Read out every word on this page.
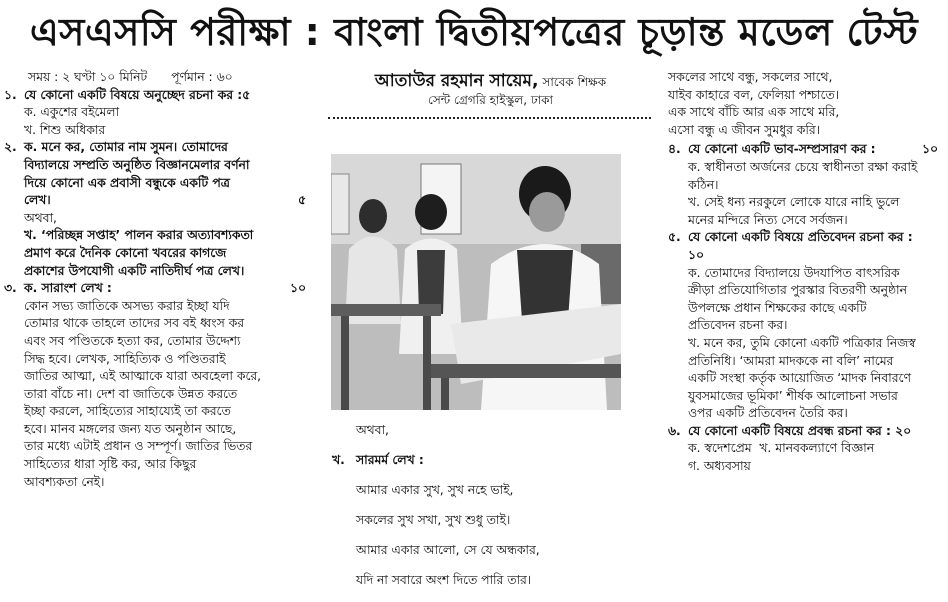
এসএসসি পরীক্ষা : বাংলা দ্বিতীয়পত্রের চূড়ান্ত মডেল টেস্ট

সময় : ২ ঘণ্টা ১০ মিনিট পূর্ণমান : ৬০

১. যে কোনো একটি বিষয়ে অনুচ্ছেদ রচনা কর :৫

ক. একুশের বইমেলা

খ. শিশু অধিকার

২. ক. মনে কর, তোমার নাম সুমন। তোমাদের

বিদ্যালয়ে সম্প্রতি অনুষ্ঠিত বিজ্ঞানমেলার বর্ণনা

দিয়ে কোনো এক প্রবাসী বন্ধুকে একটি পত্র

লেখ।	৫

অথবা,

খ. ‘পরিচ্ছন্ন সপ্তাহ’ পালন করার অত্যাবশ্যকতা

প্রমাণ করে দৈনিক কোনো খবরের কাগজে

প্রকাশের উপযোগী একটি নাতিদীর্ঘ পত্র লেখ।

৩. ক. সারাংশ লেখ :	১০

কোন সভ্য জাতিকে অসভ্য করার ইচ্ছা যদি

তোমার থাকে তাহলে তাদের সব বই ধ্বংস কর

এবং সব পণ্ডিতকে হত্যা কর, তোমার উদ্দেশ্য

সিদ্ধ হবে। লেখক, সাহিত্যিক ও পণ্ডিতরাই

জাতির আত্মা, এই আত্মাকে যারা অবহেলা করে,

তারা বাঁচে না। দেশ বা জাতিকে উন্নত করতে

ইচ্ছা করলে, সাহিত্যের সাহায্যেই তা করতে

হবে। মানব মঙ্গলের জন্য যত অনুষ্ঠান আছে,

তার মধ্যে এটাই প্রধান ও সম্পূর্ণ। জাতির ভিতর

সাহিত্যের ধারা সৃষ্টি কর, আর কিছুর

আবশ্যকতা নেই।

আতাউর রহমান সায়েম, সাবেক শিক্ষক
সেন্ট গ্রেগরি হাইস্কুল, ঢাকা

অথবা,

খ. সারমর্ম লেখ :

আমার একার সুখ, সুখ নহে ভাই,

সকলের সুখ সখা, সুখ শুধু তাই।

আমার একার আলো, সে যে অন্ধকার,

যদি না সবারে অংশ দিতে পারি তার।

সকলের সাথে বন্ধু, সকলের সাথে,

যাইব কাহারে বল, ফেলিয়া পশ্চাতে।

এক সাথে বাঁচি আর এক সাথে মরি,

এসো বন্ধু এ জীবন সুমধুর করি।

৪. যে কোনো একটি ভাব-সম্প্রসারণ কর :	১০

ক. স্বাধীনতা অর্জনের চেয়ে স্বাধীনতা রক্ষা করাই

কঠিন।

খ. সেই ধন্য নরকুলে লোকে যারে নাহি ভুলে

মনের মন্দিরে নিত্য সেবে সর্বজন।

৫. যে কোনো একটি বিষয়ে প্রতিবেদন রচনা কর :

১০

ক. তোমাদের বিদ্যালয়ে উদযাপিত বাৎসরিক

ক্রীড়া প্রতিযোগিতার পুরস্কার বিতরণী অনুষ্ঠান

উপলক্ষে প্রধান শিক্ষকের কাছে একটি

প্রতিবেদন রচনা কর।

খ. মনে কর, তুমি কোনো একটি পত্রিকার নিজস্ব

প্রতিনিধি। ‘আমরা মাদককে না বলি’ নামের

একটি সংস্থা কর্তৃক আয়োজিত ‘মাদক নিবারণে

যুবসমাজের ভূমিকা’ শীর্ষক আলোচনা সভার

ওপর একটি প্রতিবেদন তৈরি কর।

৬. যে কোনো একটি বিষয়ে প্রবন্ধ রচনা কর : ২০

ক. স্বদেশপ্রেম  খ. মানবকল্যাণে বিজ্ঞান

গ. অধ্যবসায়
